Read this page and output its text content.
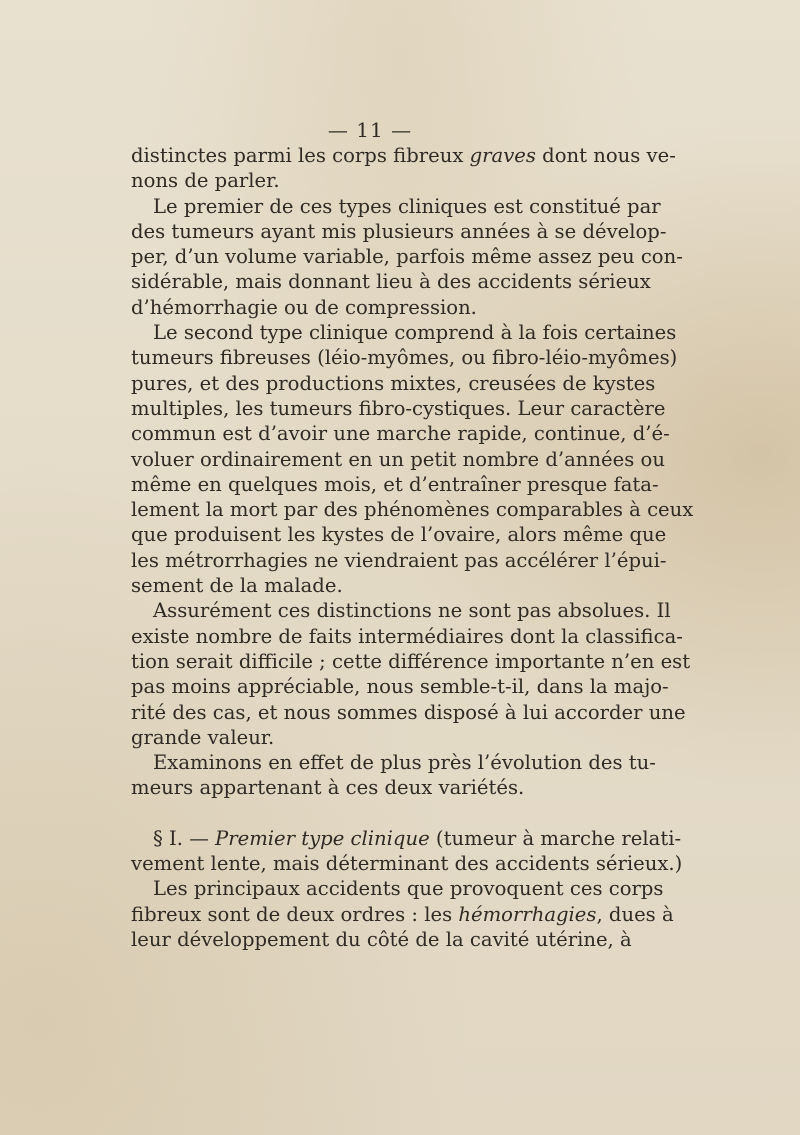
— 11 —
distinctes parmi les corps fibreux graves dont nous ve-
nons de parler.
Le premier de ces types cliniques est constitué par
des tumeurs ayant mis plusieurs années à se dévelop-
per, d’un volume variable, parfois même assez peu con-
sidérable, mais donnant lieu à des accidents sérieux
d’hémorrhagie ou de compression.
Le second type clinique comprend à la fois certaines
tumeurs fibreuses (léio-myômes, ou fibro-léio-myômes)
pures, et des productions mixtes, creusées de kystes
multiples, les tumeurs fibro-cystiques. Leur caractère
commun est d’avoir une marche rapide, continue, d’é-
voluer ordinairement en un petit nombre d’années ou
même en quelques mois, et d’entraîner presque fata-
lement la mort par des phénomènes comparables à ceux
que produisent les kystes de l’ovaire, alors même que
les métrorrhagies ne viendraient pas accélérer l’épui-
sement de la malade.
Assurément ces distinctions ne sont pas absolues. Il
existe nombre de faits intermédiaires dont la classifica-
tion serait difficile ; cette différence importante n’en est
pas moins appréciable, nous semble-t-il, dans la majo-
rité des cas, et nous sommes disposé à lui accorder une
grande valeur.
Examinons en effet de plus près l’évolution des tu-
meurs appartenant à ces deux variétés.
§ I. — Premier type clinique (tumeur à marche relati-
vement lente, mais déterminant des accidents sérieux.)
Les principaux accidents que provoquent ces corps
fibreux sont de deux ordres : les hémorrhagies, dues à
leur développement du côté de la cavité utérine, à
